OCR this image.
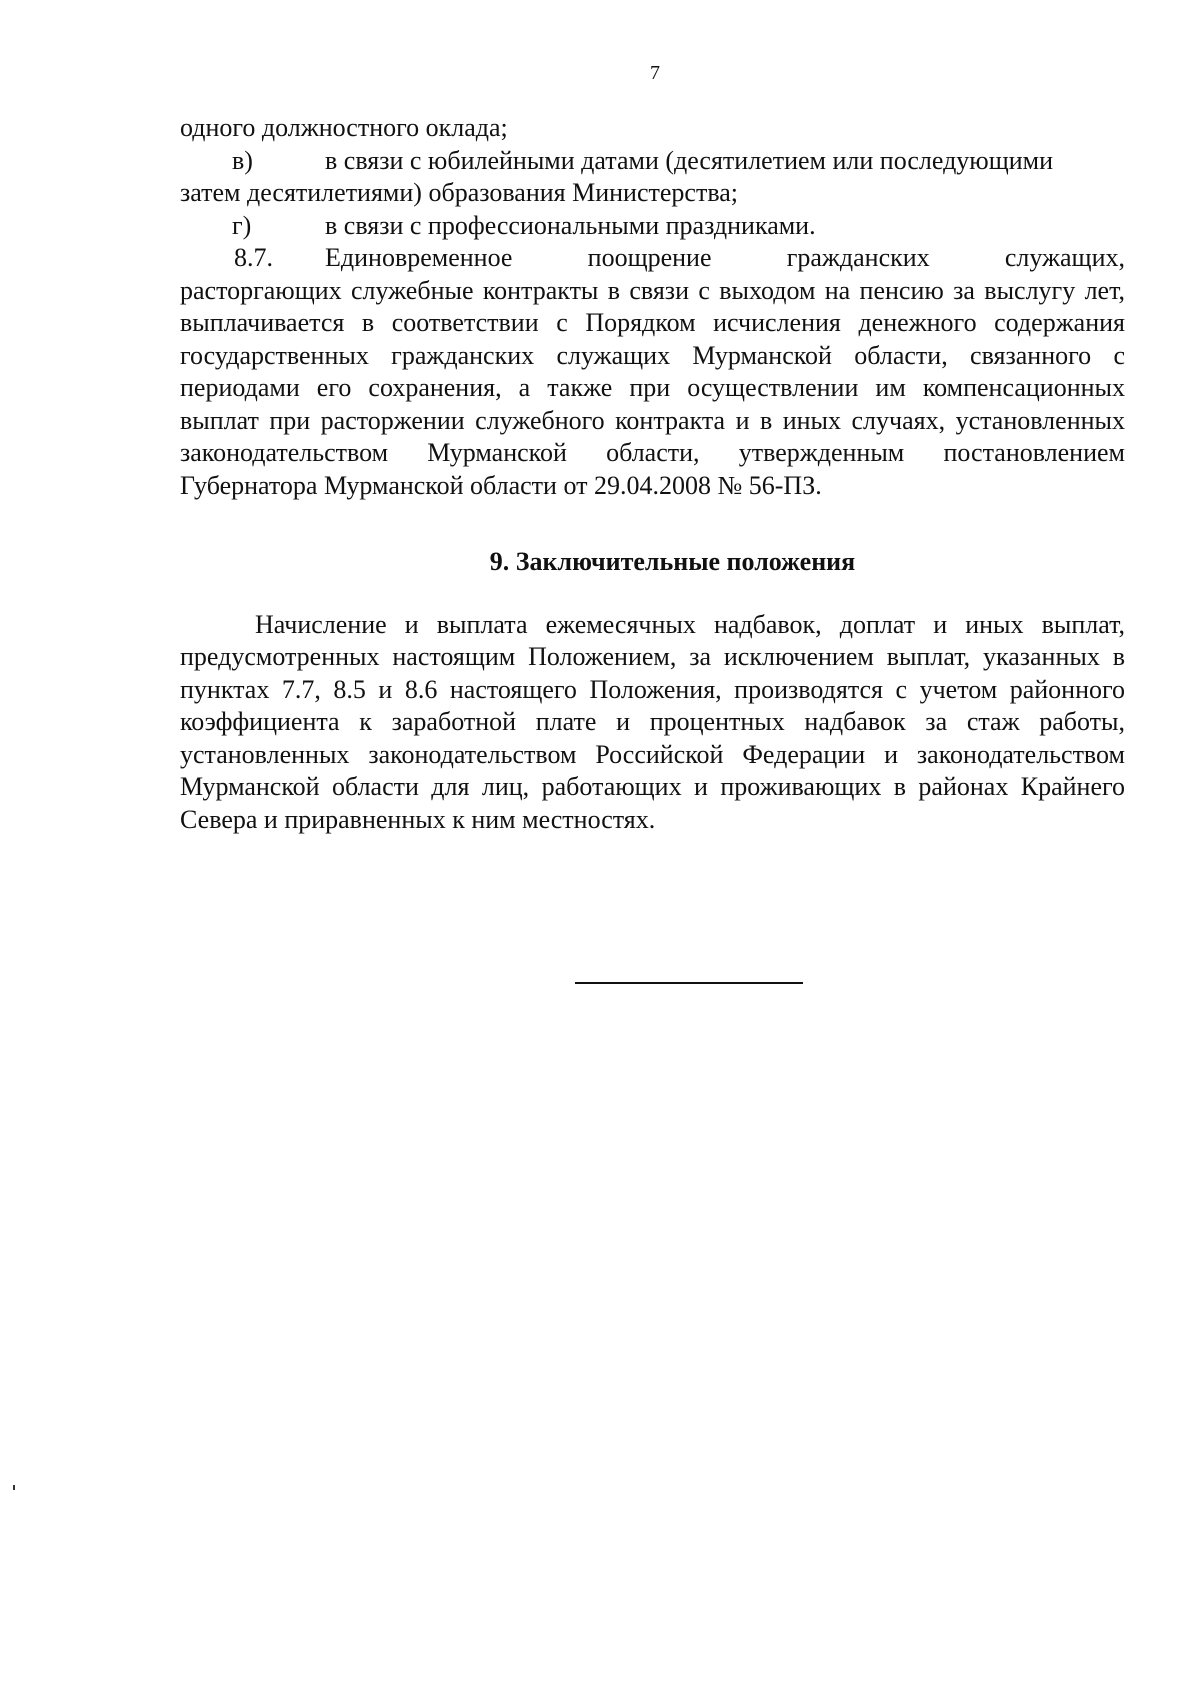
7

одного должностного оклада;

в)	в связи с юбилейными датами (десятилетием или последующими

затем десятилетиями) образования Министерства;

г)	в связи с профессиональными праздниками.
8.7.	Единовременное поощрение гражданских служащих,

расторгающих служебные контракты в связи с выходом на пенсию за выслугу лет, выплачивается в соответствии с Порядком исчисления денежного содержания государственных гражданских служащих Мурманской области, связанного с периодами его сохранения, а также при осуществлении им компенсационных выплат при расторжении служебного контракта и в иных случаях, установленных законодательством Мурманской области, утвержденным постановлением Губернатора Мурманской области от 29.04.2008 № 56-ПЗ.

9. Заключительные положения

Начисление и выплата ежемесячных надбавок, доплат и иных выплат, предусмотренных настоящим Положением, за исключением выплат, указанных в пунктах 7.7, 8.5 и 8.6 настоящего Положения, производятся с учетом районного коэффициента к заработной плате и процентных надбавок за стаж работы, установленных законодательством Российской Федерации и законодательством Мурманской области для лиц, работающих и проживающих в районах Крайнего Севера и приравненных к ним местностях.
